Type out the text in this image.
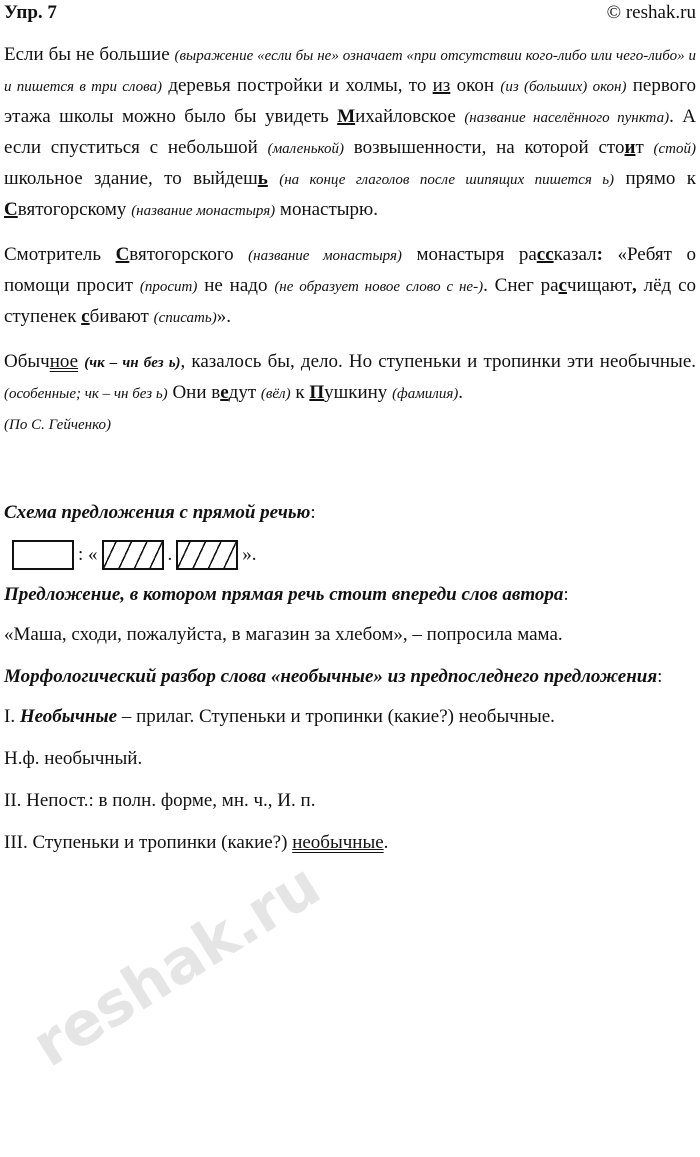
Упр. 7	© reshak.ru

Если бы не большие (выражение «если бы не» означает «при отсутствии кого-либо или чего-либо» и и пишется в три слова) деревья постройки и холмы, то из окон (из (больших) окон) первого этажа школы можно было бы увидеть Михайловское (название населённого пункта). А если спуститься с небольшой (маленькой) возвышенности, на которой стоит (стой) школьное здание, то выйдешь (на конце глаголов после шипящих пишется ь) прямо к Святогорскому (название монастыря) монастырю.

Смотритель Святогорского (название монастыря) монастыря рассказал: «Ребят о помощи просит (просит) не надо (не образует новое слово с не-). Снег расчищают, лёд со ступенек сбивают (списать)».

Обычное (чк – чн без ь), казалось бы, дело. Но ступеньки и тропинки эти необычные. (особенные; чк – чн без ь) Они ведут (вёл) к Пушкину (фамилия).
(По С. Гейченко)

Схема предложения с прямой речью:
: «	.	».
Предложение, в котором прямая речь стоит впереди слов автора:

«Маша, сходи, пожалуйста, в магазин за хлебом», – попросила мама.

Морфологический разбор слова «необычные» из предпоследнего предложения:
I. Необычные – прилаг. Ступеньки и тропинки (какие?) необычные.
Н.ф. необычный.
II. Непост.: в полн. форме, мн. ч., И. п.
III. Ступеньки и тропинки (какие?) необычные.
reshak.ru
